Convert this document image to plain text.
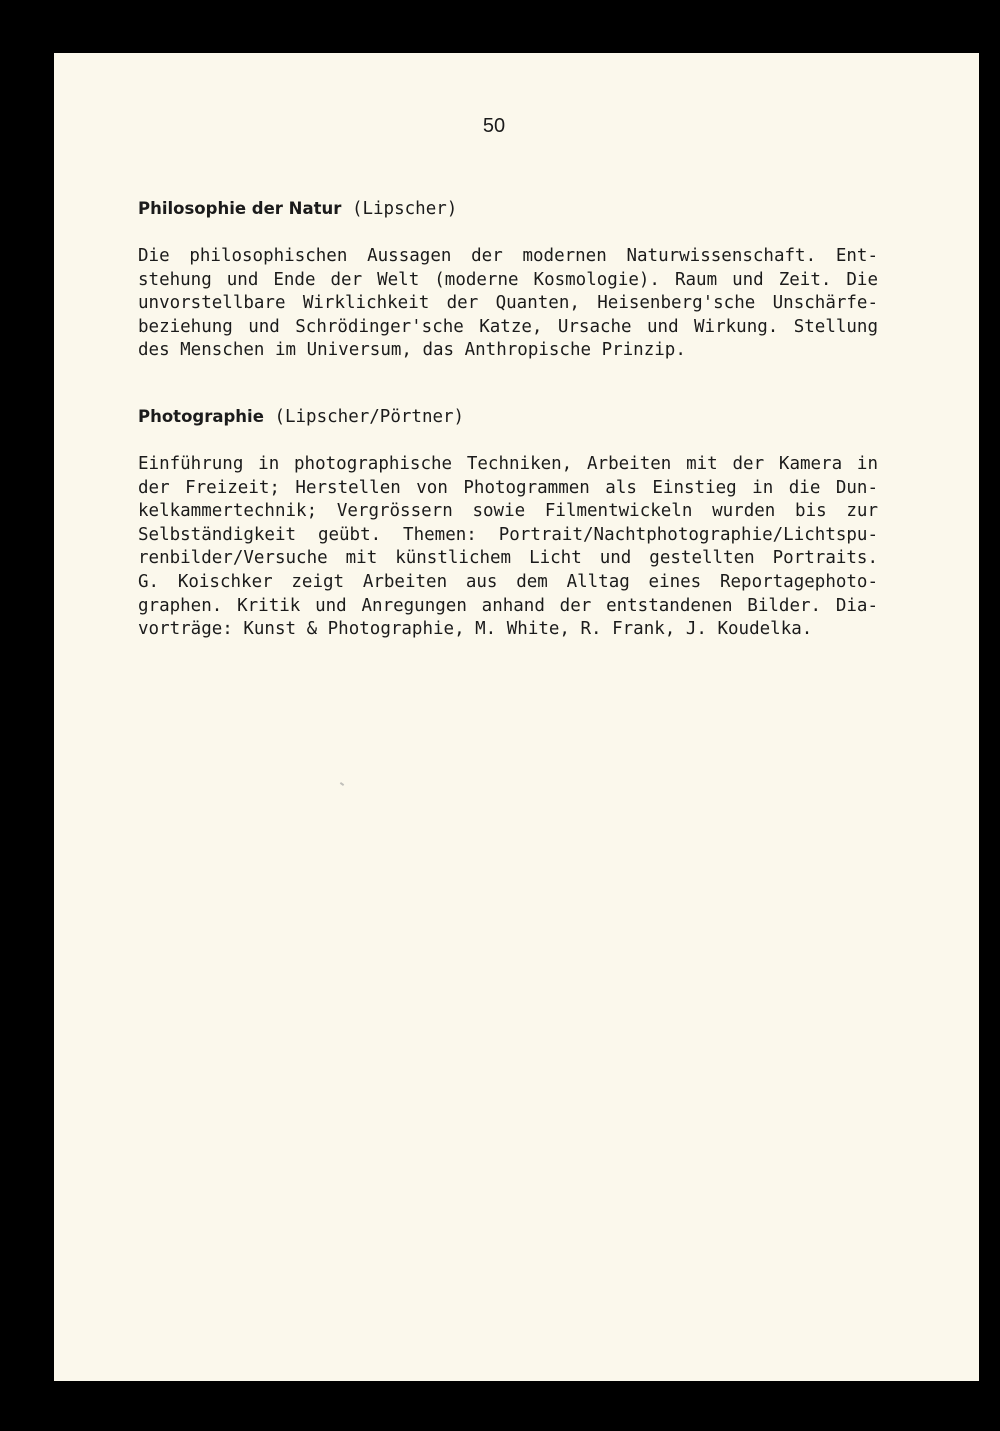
50
Philosophie der Natur (Lipscher)
Die philosophischen Aussagen der modernen Naturwissenschaft. Ent-
stehung und Ende der Welt (moderne Kosmologie). Raum und Zeit. Die
unvorstellbare Wirklichkeit der Quanten, Heisenberg'sche Unschärfe-
beziehung und Schrödinger'sche Katze, Ursache und Wirkung. Stellung
des Menschen im Universum, das Anthropische Prinzip.
Photographie (Lipscher/Pörtner)
Einführung in photographische Techniken, Arbeiten mit der Kamera in
der Freizeit; Herstellen von Photogrammen als Einstieg in die Dun-
kelkammertechnik; Vergrössern sowie Filmentwickeln wurden bis zur
Selbständigkeit geübt. Themen: Portrait/Nachtphotographie/Lichtspu-
renbilder/Versuche mit künstlichem Licht und gestellten Portraits.
G. Koischker zeigt Arbeiten aus dem Alltag eines Reportagephoto-
graphen. Kritik und Anregungen anhand der entstandenen Bilder. Dia-
vorträge: Kunst & Photographie, M. White, R. Frank, J. Koudelka.
